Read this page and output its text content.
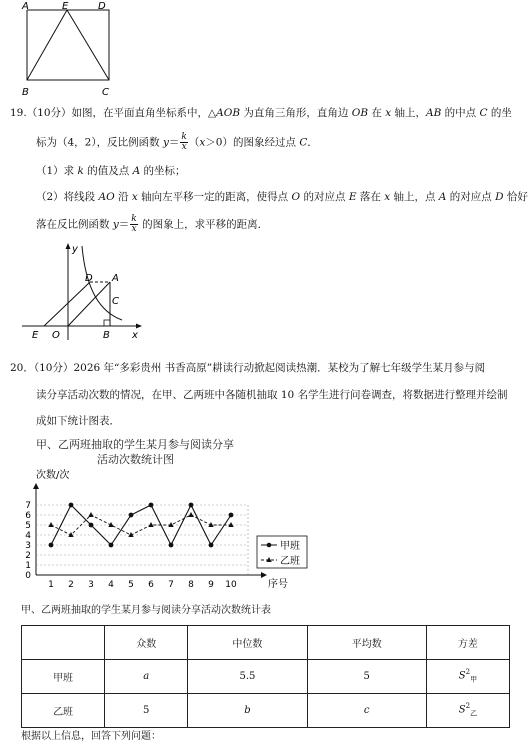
A	E	D
B	C
19.（10分）如图，在平面直角坐标系中，△AOB 为直角三角形，直角边 OB 在 x 轴上，AB 的中点 C 的坐
标为（4，2），反比例函数 $y= \frac{k}{x} (x>0)$的图象经过点 C．
（1）求 k 的值及点 A 的坐标；
（2）将线段 AO 沿 x 轴向左平移一定的距离，使得点 O 的对应点 E 落在 x 轴上，点 A 的对应点 D 恰好
落在反比例函数 $y= \frac{k}{x}$ 的图象上，求平移的距离．
y
x
E O	B
D A
C
20．（10分）2026 年“多彩贵州 书香高原”耕读行动掀起阅读热潮．某校为了解七年级学生某月参与阅
读分享活动次数的情况，在甲、乙两班中各随机抽取 10 名学生进行问卷调查，将数据进行整理并绘制
成如下统计图表．
甲、乙两班抽取的学生某月参与阅读分享
活动次数统计图
次数/次
0
1
2
3
4
5
6
7
1 2 3 4 5 6 7 8 9 10	序号
甲班
乙班
甲、乙两班抽取的学生某月参与阅读分享活动次数统计表
	众数	中位数	平均数	方差
甲班	a	5.5	5	$S^2_甲$
乙班	5	b	c	$S^2_乙$
根据以上信息，回答下列问题：
